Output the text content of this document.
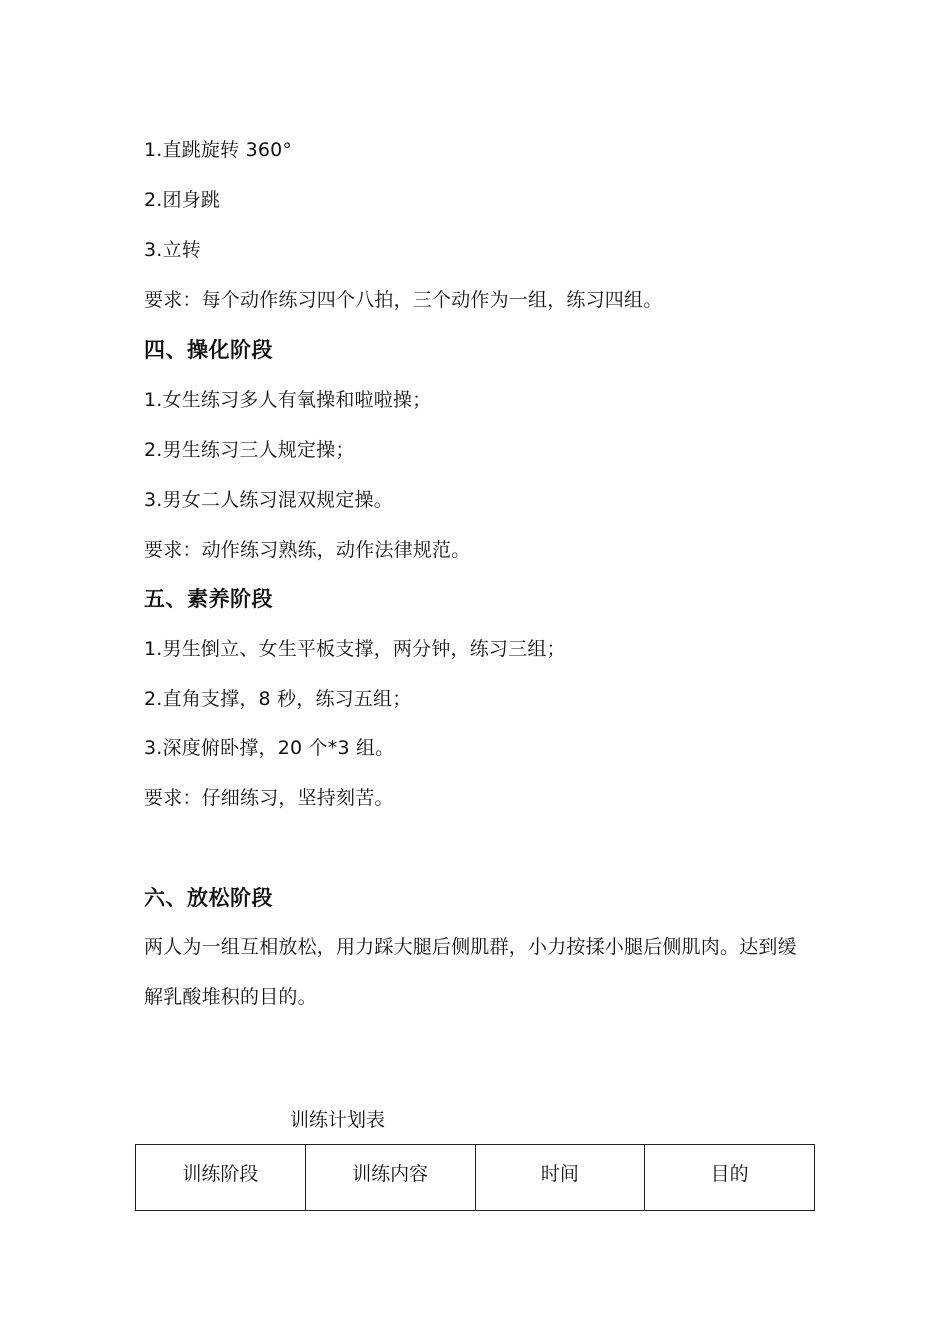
1.直跳旋转 360°
2.团身跳
3.立转
要求：每个动作练习四个八拍，三个动作为一组，练习四组。
四、操化阶段
1.女生练习多人有氧操和啦啦操；
2.男生练习三人规定操；
3.男女二人练习混双规定操。
要求：动作练习熟练，动作法律规范。
五、素养阶段
1.男生倒立、女生平板支撑，两分钟，练习三组；
2.直角支撑，8 秒，练习五组；
3.深度俯卧撑，20 个*3 组。
要求：仔细练习，坚持刻苦。
六、放松阶段
两人为一组互相放松，用力踩大腿后侧肌群，小力按揉小腿后侧肌肉。达到缓
解乳酸堆积的目的。
训练计划表
训练阶段	训练内容	时间	目的
